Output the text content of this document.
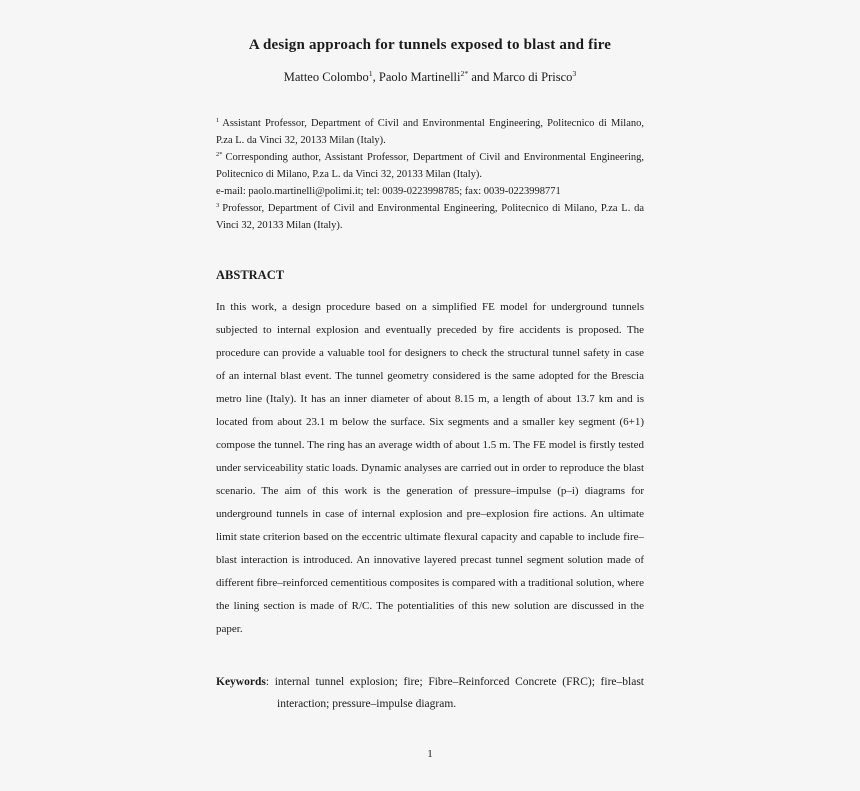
A design approach for tunnels exposed to blast and fire

Matteo Colombo$^1$, Paolo Martinelli$^{2*}$ and Marco di Prisco$^3$

$^1$ Assistant Professor, Department of Civil and Environmental Engineering, Politecnico di Milano, P.za L. da Vinci 32, 20133 Milan (Italy).

$^{2*}$ Corresponding author, Assistant Professor, Department of Civil and Environmental Engineering, Politecnico di Milano, P.za L. da Vinci 32, 20133 Milan (Italy).

e-mail: paolo.martinelli@polimi.it; tel: 0039-0223998785; fax: 0039-0223998771

$^3$ Professor, Department of Civil and Environmental Engineering, Politecnico di Milano, P.za L. da Vinci 32, 20133 Milan (Italy).

ABSTRACT

In this work, a design procedure based on a simplified FE model for underground tunnels subjected to internal explosion and eventually preceded by fire accidents is proposed. The procedure can provide a valuable tool for designers to check the structural tunnel safety in case of an internal blast event. The tunnel geometry considered is the same adopted for the Brescia metro line (Italy). It has an inner diameter of about 8.15 m, a length of about 13.7 km and is located from about 23.1 m below the surface. Six segments and a smaller key segment (6+1) compose the tunnel. The ring has an average width of about 1.5 m. The FE model is firstly tested under serviceability static loads. Dynamic analyses are carried out in order to reproduce the blast scenario. The aim of this work is the generation of pressure–impulse (p–i) diagrams for underground tunnels in case of internal explosion and pre–explosion fire actions. An ultimate limit state criterion based on the eccentric ultimate flexural capacity and capable to include fire–blast interaction is introduced. An innovative layered precast tunnel segment solution made of different fibre–reinforced cementitious composites is compared with a traditional solution, where the lining section is made of R/C. The potentialities of this new solution are discussed in the paper.

Keywords: internal tunnel explosion; fire; Fibre–Reinforced Concrete (FRC); fire–blast interaction; pressure–impulse diagram.

1
